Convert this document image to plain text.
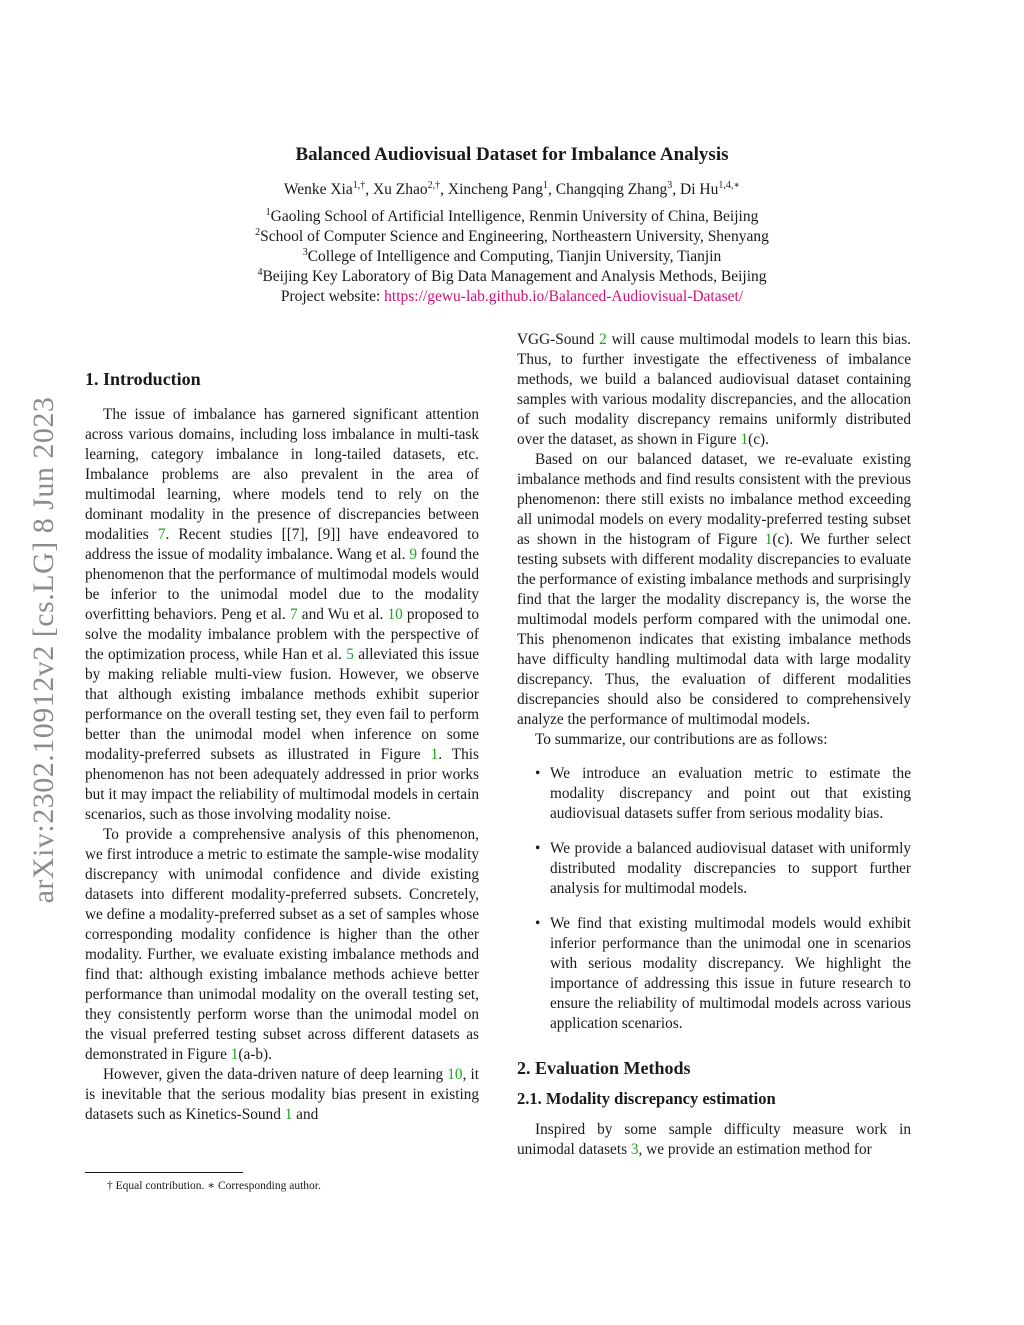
arXiv:2302.10912v2 [cs.LG] 8 Jun 2023
Balanced Audiovisual Dataset for Imbalance Analysis
Wenke Xia$^{1,\dagger}$, Xu Zhao$^{2,\dagger}$, Xincheng Pang$^1$, Changqing Zhang$^3$, Di $Hu^{1,4,∗}$
$^1$Gaoling School of Artificial Intelligence, Renmin University of China, Beijing
$^2$School of Computer Science and Engineering, Northeastern University, Shenyang
$^3$College of Intelligence and Computing, Tianjin University, Tianjin
$^4$Beijing Key Laboratory of Big Data Management and Analysis Methods, Beijing
Project website: https://gewu-lab.github.io/Balanced-Audiovisual-Dataset/
1. Introduction

The issue of imbalance has garnered significant attention across various domains, including loss imbalance in multi-task learning, category imbalance in long-tailed datasets, etc. Imbalance problems are also prevalent in the area of multimodal learning, where models tend to rely on the dominant modality in the presence of discrepancies between modalities 7. Recent studies [[7], [9]] have endeavored to address the issue of modality imbalance. Wang et al. 9 found the phenomenon that the performance of multimodal models would be inferior to the unimodal model due to the modality overfitting behaviors. Peng et al. 7 and Wu et al. 10 proposed to solve the modality imbalance problem with the perspective of the optimization process, while Han et al. 5 alleviated this issue by making reliable multi-view fusion. However, we observe that although existing imbalance methods exhibit superior performance on the overall testing set, they even fail to perform better than the unimodal model when inference on some modality-preferred subsets as illustrated in Figure 1. This phenomenon has not been adequately addressed in prior works but it may impact the reliability of multimodal models in certain scenarios, such as those involving modality noise.

To provide a comprehensive analysis of this phenomenon, we first introduce a metric to estimate the sample-wise modality discrepancy with unimodal confidence and divide existing datasets into different modality-preferred subsets. Concretely, we define a modality-preferred subset as a set of samples whose corresponding modality confidence is higher than the other modality. Further, we evaluate existing imbalance methods and find that: although existing imbalance methods achieve better performance than unimodal modality on the overall testing set, they consistently perform worse than the unimodal model on the visual preferred testing subset across different datasets as demonstrated in Figure 1(a-b).

However, given the data-driven nature of deep learning 10, it is inevitable that the serious modality bias present in existing datasets such as Kinetics-Sound 1 and

VGG-Sound 2 will cause multimodal models to learn this bias. Thus, to further investigate the effectiveness of imbalance methods, we build a balanced audiovisual dataset containing samples with various modality discrepancies, and the allocation of such modality discrepancy remains uniformly distributed over the dataset, as shown in Figure 1(c).

Based on our balanced dataset, we re-evaluate existing imbalance methods and find results consistent with the previous phenomenon: there still exists no imbalance method exceeding all unimodal models on every modality-preferred testing subset as shown in the histogram of Figure 1(c). We further select testing subsets with different modality discrepancies to evaluate the performance of existing imbalance methods and surprisingly find that the larger the modality discrepancy is, the worse the multimodal models perform compared with the unimodal one. This phenomenon indicates that existing imbalance methods have difficulty handling multimodal data with large modality discrepancy. Thus, the evaluation of different modalities discrepancies should also be considered to comprehensively analyze the performance of multimodal models.

To summarize, our contributions are as follows:

• We introduce an evaluation metric to estimate the modality discrepancy and point out that existing audiovisual datasets suffer from serious modality bias.
• We provide a balanced audiovisual dataset with uniformly distributed modality discrepancies to support further analysis for multimodal models.
• We find that existing multimodal models would exhibit inferior performance than the unimodal one in scenarios with serious modality discrepancy. We highlight the importance of addressing this issue in future research to ensure the reliability of multimodal models across various application scenarios.
2. Evaluation Methods
2.1. Modality discrepancy estimation

Inspired by some sample difficulty measure work in unimodal datasets 3, we provide an estimation method for

† Equal contribution. ∗ Corresponding author.
